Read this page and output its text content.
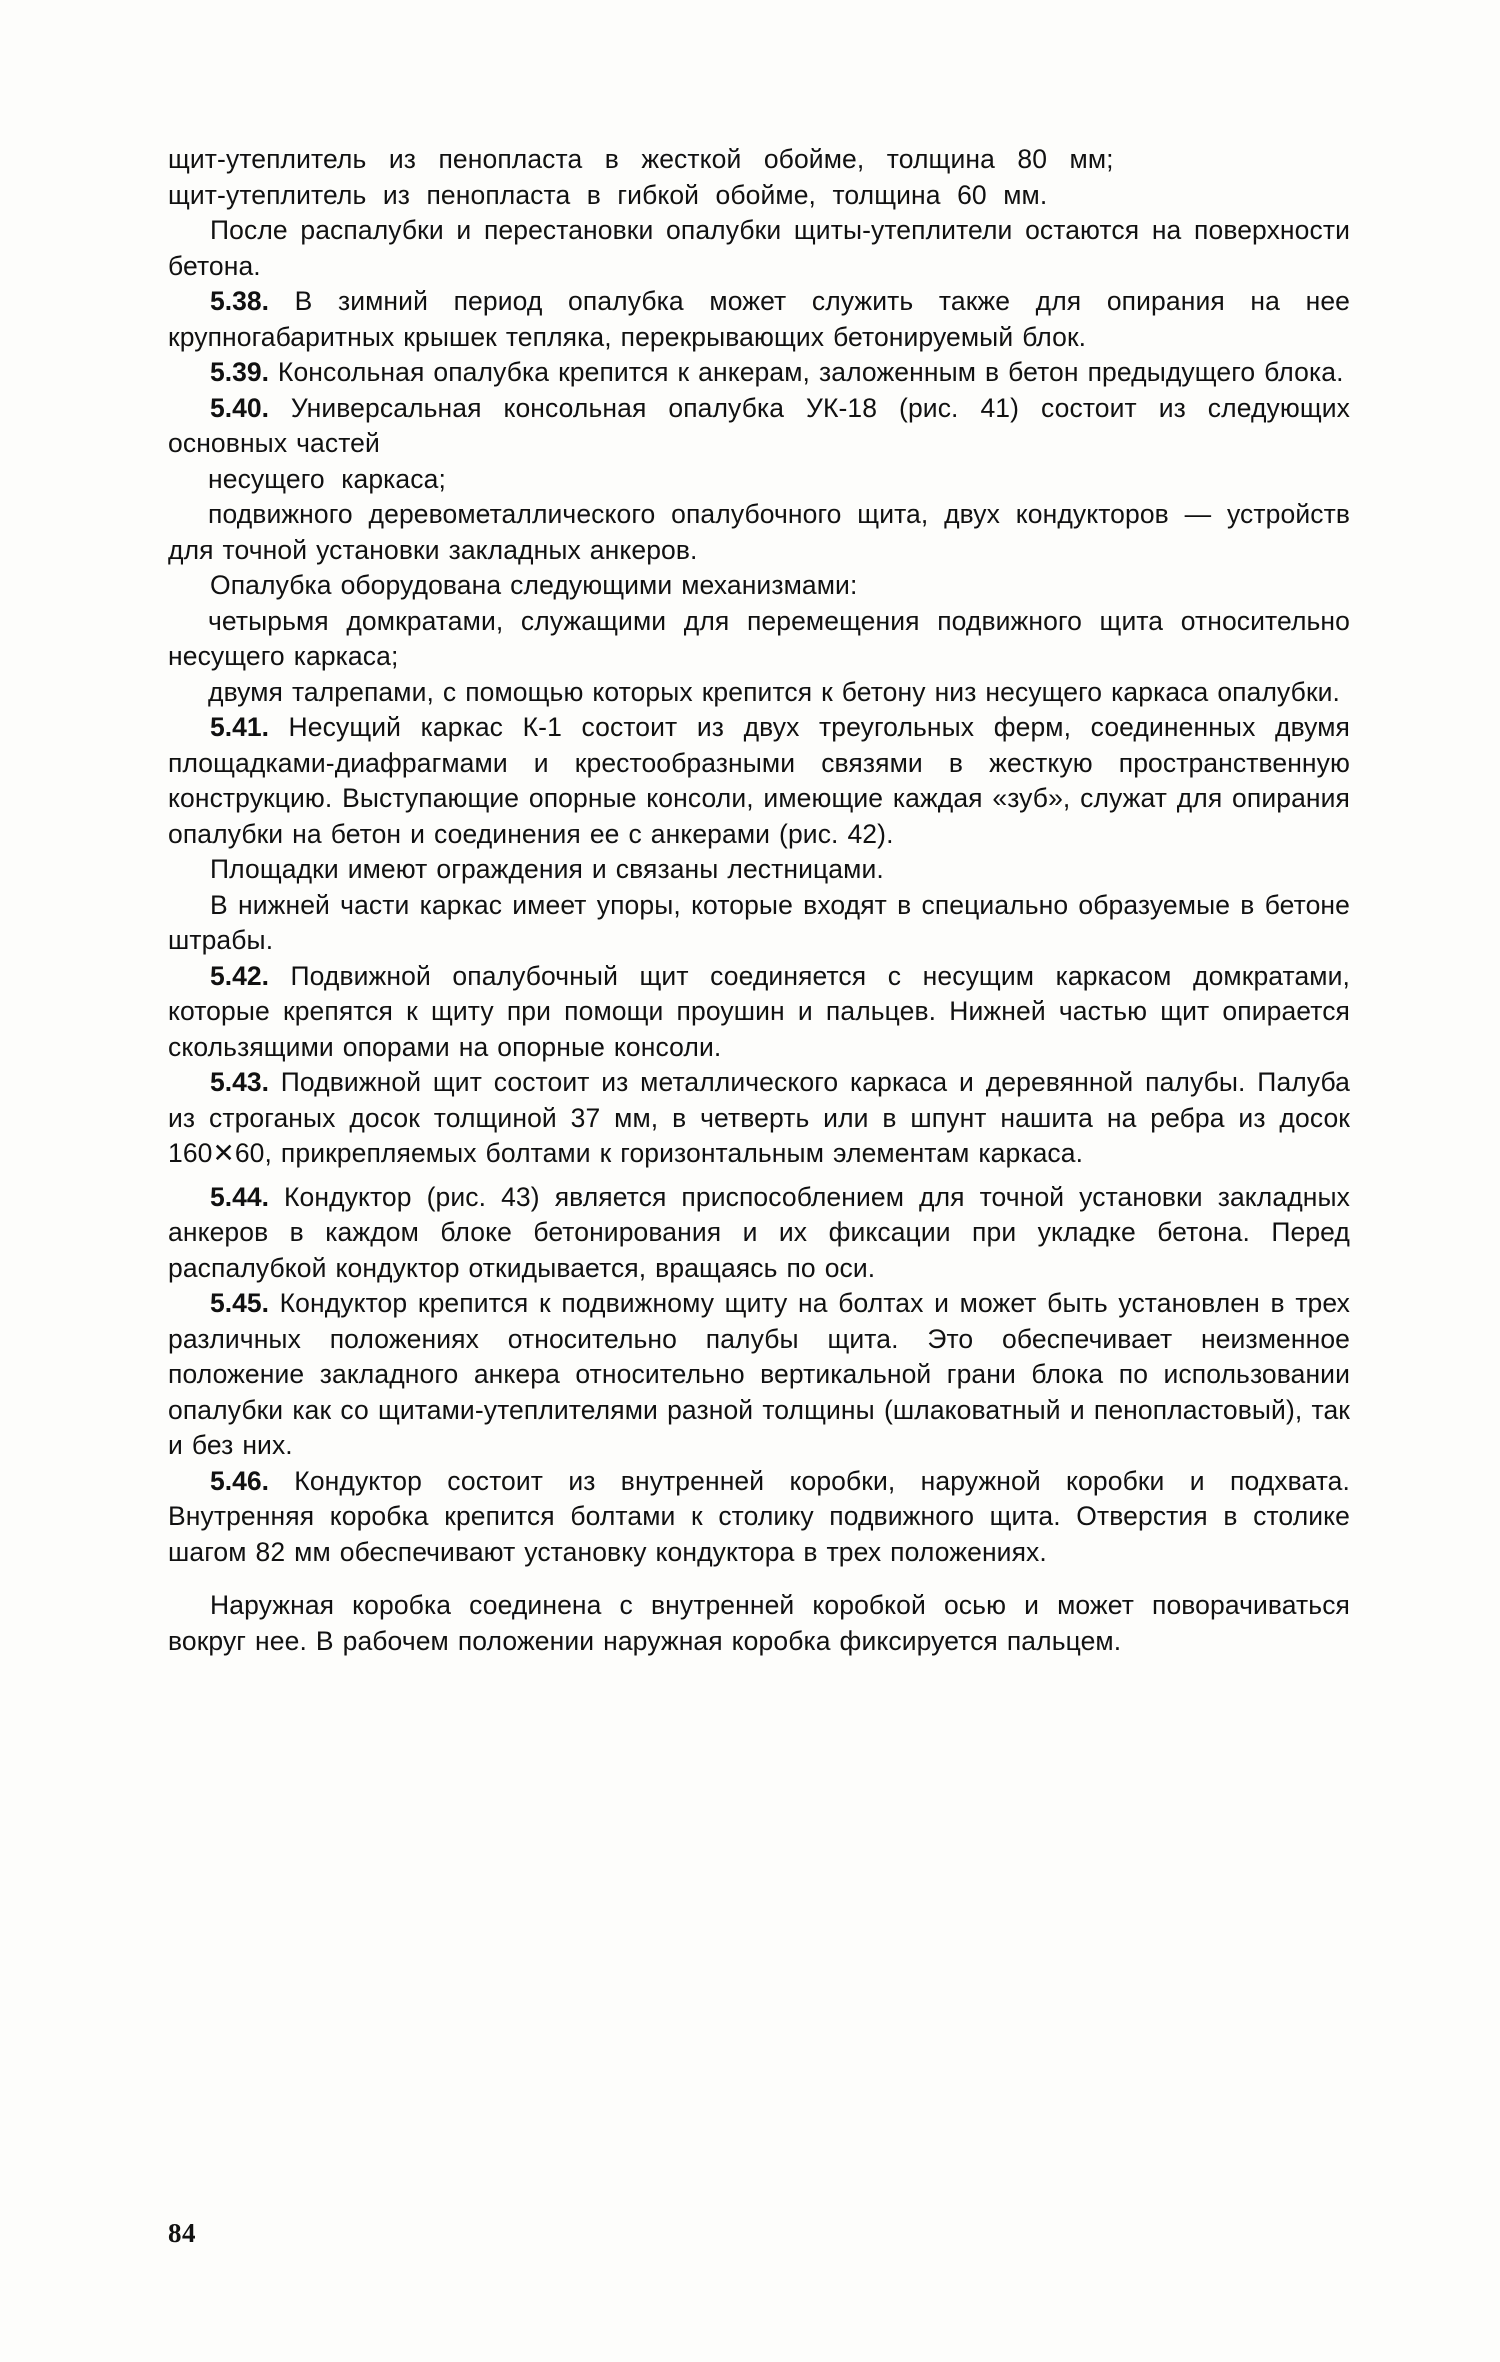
щит-утеплитель из пенопласта в жесткой обойме, толщина 80 мм;

щит-утеплитель из пенопласта в гибкой обойме, толщина 60 мм.

После распалубки и перестановки опалубки щиты-утеплители остаются на поверхности бетона.

5.38. В зимний период опалубка может служить также для опирания на нее крупногабаритных крышек тепляка, перекрывающих бетонируемый блок.

5.39. Консольная опалубка крепится к анкерам, заложенным в бетон предыдущего блока.

5.40. Универсальная консольная опалубка УК-18 (рис. 41) состоит из следующих основных частей

несущего каркаса;

подвижного деревометаллического опалубочного щита, двух кондукторов — устройств для точной установки закладных анкеров.

Опалубка оборудована следующими механизмами:

четырьмя домкратами, служащими для перемещения подвижного щита относительно несущего каркаса;

двумя талрепами, с помощью которых крепится к бетону низ несущего каркаса опалубки.

5.41. Несущий каркас К-1 состоит из двух треугольных ферм, соединенных двумя площадками-диафрагмами и крестообразными связями в жесткую пространственную конструкцию. Выступающие опорные консоли, имеющие каждая «зуб», служат для опирания опалубки на бетон и соединения ее с анкерами (рис. 42).

Площадки имеют ограждения и связаны лестницами.

В нижней части каркас имеет упоры, которые входят в специально образуемые в бетоне штрабы.

5.42. Подвижной опалубочный щит соединяется с несущим каркасом домкратами, которые крепятся к щиту при помощи проушин и пальцев. Нижней частью щит опирается скользящими опорами на опорные консоли.

5.43. Подвижной щит состоит из металлического каркаса и деревянной палубы. Палуба из строганых досок толщиной 37 мм, в четверть или в шпунт нашита на ребра из досок 160✕60, прикрепляемых болтами к горизонтальным элементам каркаса.

5.44. Кондуктор (рис. 43) является приспособлением для точной установки закладных анкеров в каждом блоке бетонирования и их фиксации при укладке бетона. Перед распалубкой кондуктор откидывается, вращаясь по оси.

5.45. Кондуктор крепится к подвижному щиту на болтах и может быть установлен в трех различных положениях относительно палубы щита. Это обеспечивает неизменное положение закладного анкера относительно вертикальной грани блока по использовании опалубки как со щитами-утеплителями разной толщины (шлаковатный и пенопластовый), так и без них.

5.46. Кондуктор состоит из внутренней коробки, наружной коробки и подхвата. Внутренняя коробка крепится болтами к столику подвижного щита. Отверстия в столике шагом 82 мм обеспечивают установку кондуктора в трех положениях.

Наружная коробка соединена с внутренней коробкой осью и может поворачиваться вокруг нее. В рабочем положении наружная коробка фиксируется пальцем.

84
